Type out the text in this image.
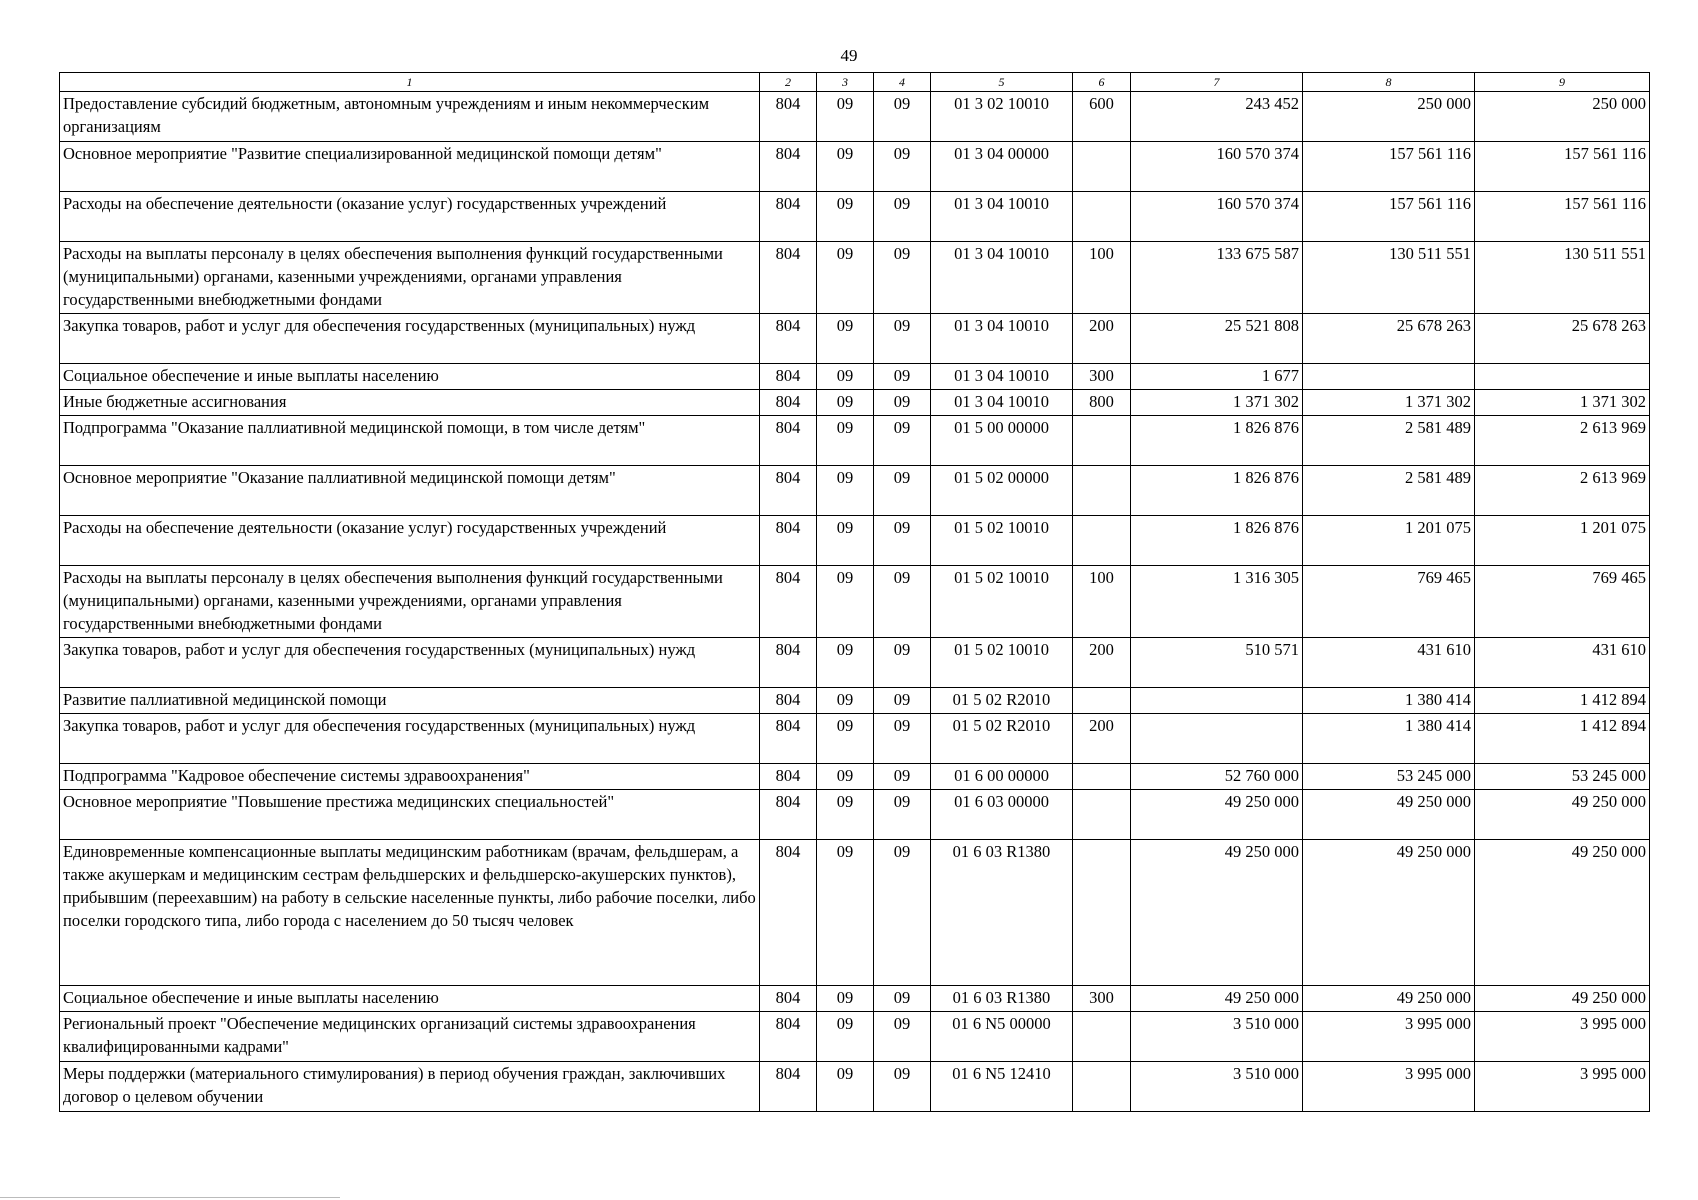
49
1	2	3	4	5	6	7	8	9
Предоставление субсидий бюджетным, автономным учреждениям и иным некоммерческим организациям	804	09	09	01 3 02 10010	600	243 452	250 000	250 000
Основное мероприятие "Развитие специализированной медицинской помощи детям"	804	09	09	01 3 04 00000		160 570 374	157 561 116	157 561 116
Расходы на обеспечение деятельности (оказание услуг) государственных учреждений	804	09	09	01 3 04 10010		160 570 374	157 561 116	157 561 116
Расходы на выплаты персоналу в целях обеспечения выполнения функций государственными (муниципальными) органами, казенными учреждениями, органами управления государственными внебюджетными фондами	804	09	09	01 3 04 10010	100	133 675 587	130 511 551	130 511 551
Закупка товаров, работ и услуг для обеспечения государственных (муниципальных) нужд	804	09	09	01 3 04 10010	200	25 521 808	25 678 263	25 678 263
Социальное обеспечение и иные выплаты населению	804	09	09	01 3 04 10010	300	1 677		
Иные бюджетные ассигнования	804	09	09	01 3 04 10010	800	1 371 302	1 371 302	1 371 302
Подпрограмма "Оказание паллиативной медицинской помощи, в том числе детям"	804	09	09	01 5 00 00000		1 826 876	2 581 489	2 613 969
Основное мероприятие "Оказание паллиативной медицинской помощи детям"	804	09	09	01 5 02 00000		1 826 876	2 581 489	2 613 969
Расходы на обеспечение деятельности (оказание услуг) государственных учреждений	804	09	09	01 5 02 10010		1 826 876	1 201 075	1 201 075
Расходы на выплаты персоналу в целях обеспечения выполнения функций государственными (муниципальными) органами, казенными учреждениями, органами управления государственными внебюджетными фондами	804	09	09	01 5 02 10010	100	1 316 305	769 465	769 465
Закупка товаров, работ и услуг для обеспечения государственных (муниципальных) нужд	804	09	09	01 5 02 10010	200	510 571	431 610	431 610
Развитие паллиативной медицинской помощи	804	09	09	01 5 02 R2010			1 380 414	1 412 894
Закупка товаров, работ и услуг для обеспечения государственных (муниципальных) нужд	804	09	09	01 5 02 R2010	200		1 380 414	1 412 894
Подпрограмма "Кадровое обеспечение системы здравоохранения"	804	09	09	01 6 00 00000		52 760 000	53 245 000	53 245 000
Основное мероприятие "Повышение престижа медицинских специальностей"	804	09	09	01 6 03 00000		49 250 000	49 250 000	49 250 000
Единовременные компенсационные выплаты медицинским работникам (врачам, фельдшерам, а также акушеркам и медицинским сестрам фельдшерских и фельдшерско-акушерских пунктов), прибывшим (переехавшим) на работу в сельские населенные пункты, либо рабочие поселки, либо поселки городского типа, либо города с населением до 50 тысяч человек	804	09	09	01 6 03 R1380		49 250 000	49 250 000	49 250 000
Социальное обеспечение и иные выплаты населению	804	09	09	01 6 03 R1380	300	49 250 000	49 250 000	49 250 000
Региональный проект "Обеспечение медицинских организаций системы здравоохранения квалифицированными кадрами"	804	09	09	01 6 N5 00000		3 510 000	3 995 000	3 995 000
Меры поддержки (материального стимулирования) в период обучения граждан, заключивших договор о целевом обучении	804	09	09	01 6 N5 12410		3 510 000	3 995 000	3 995 000
